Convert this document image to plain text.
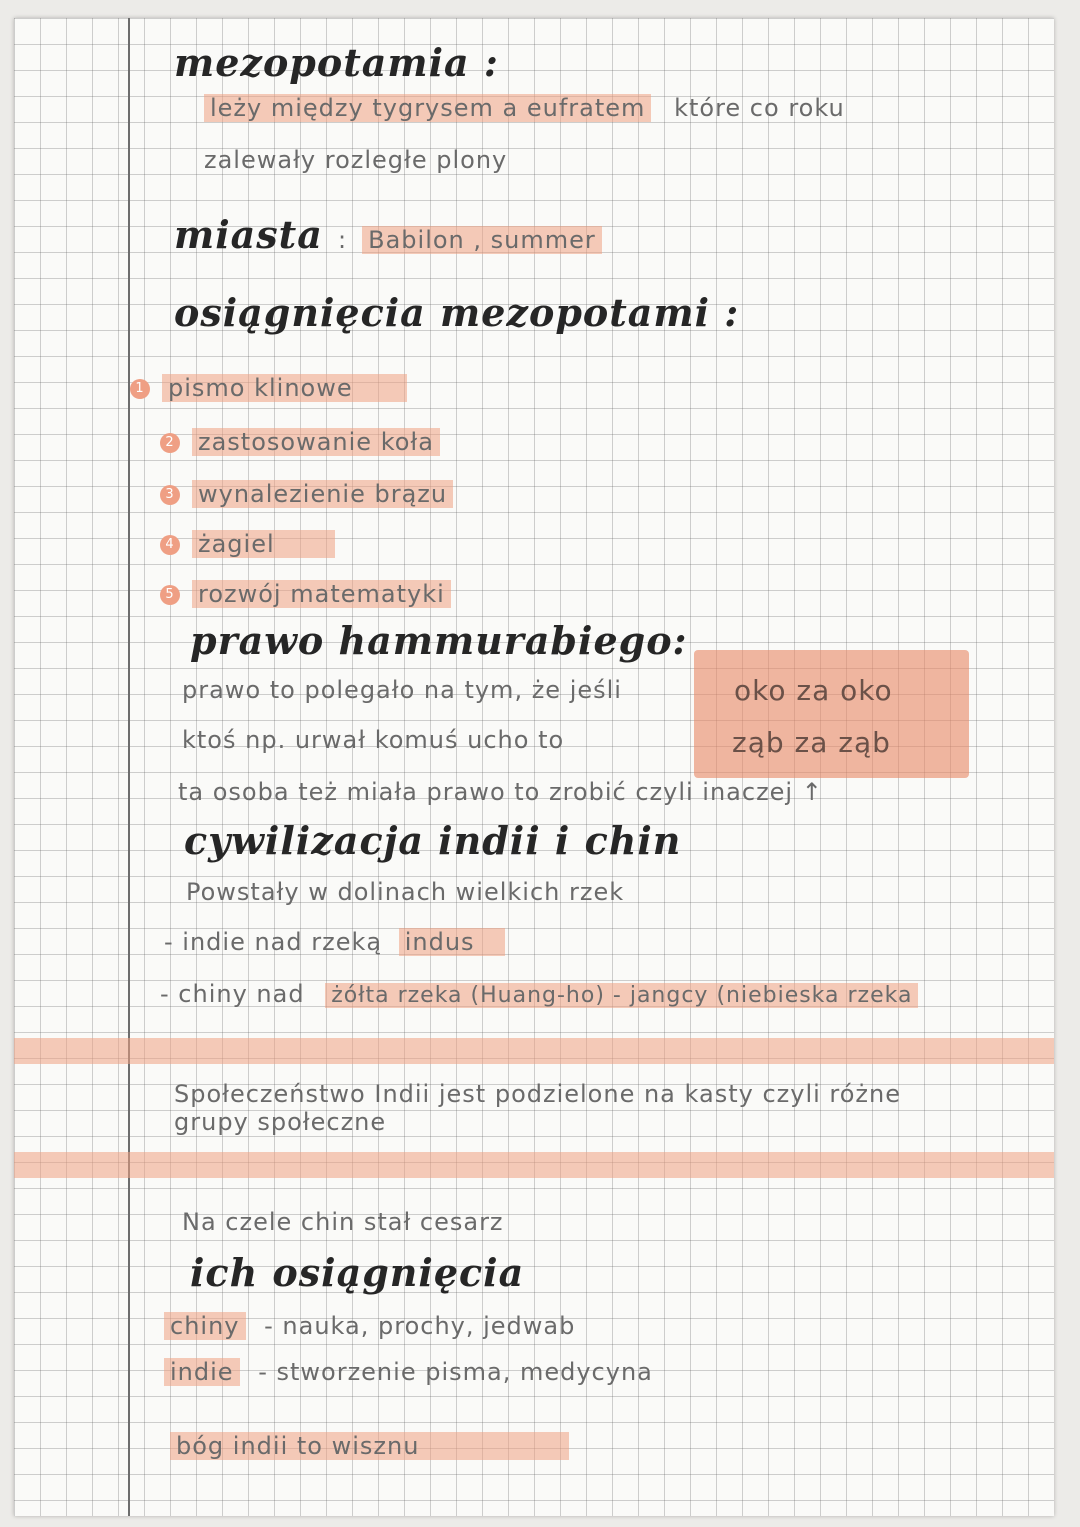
mezopotamia :
leży między tygrysem a eufratem które co roku
zalewały rozległe plony
miasta : Babilon , summer
osiągnięcia mezopotami :
1 pismo klinowe
2 zastosowanie koła
3 wynalezienie brązu
4 żagiel
5 rozwój matematyki
prawo hammurabiego:
oko za oko
ząb za ząb
prawo to polegało na tym, że jeśli
ktoś np. urwał komuś ucho to
ta osoba też miała prawo to zrobić czyli inaczej ↑
cywilizacja indii i chin
Powstały w dolinach wielkich rzek
- indie nad rzeką indus
- chiny nad żółta rzeka (Huang-ho) - jangcy (niebieska rzeka
Społeczeństwo Indii jest podzielone na kasty czyli różne
grupy społeczne
Na czele chin stał cesarz
ich osiągnięcia
chiny - nauka, prochy, jedwab
indie - stworzenie pisma, medycyna
bóg indii to wisznu
